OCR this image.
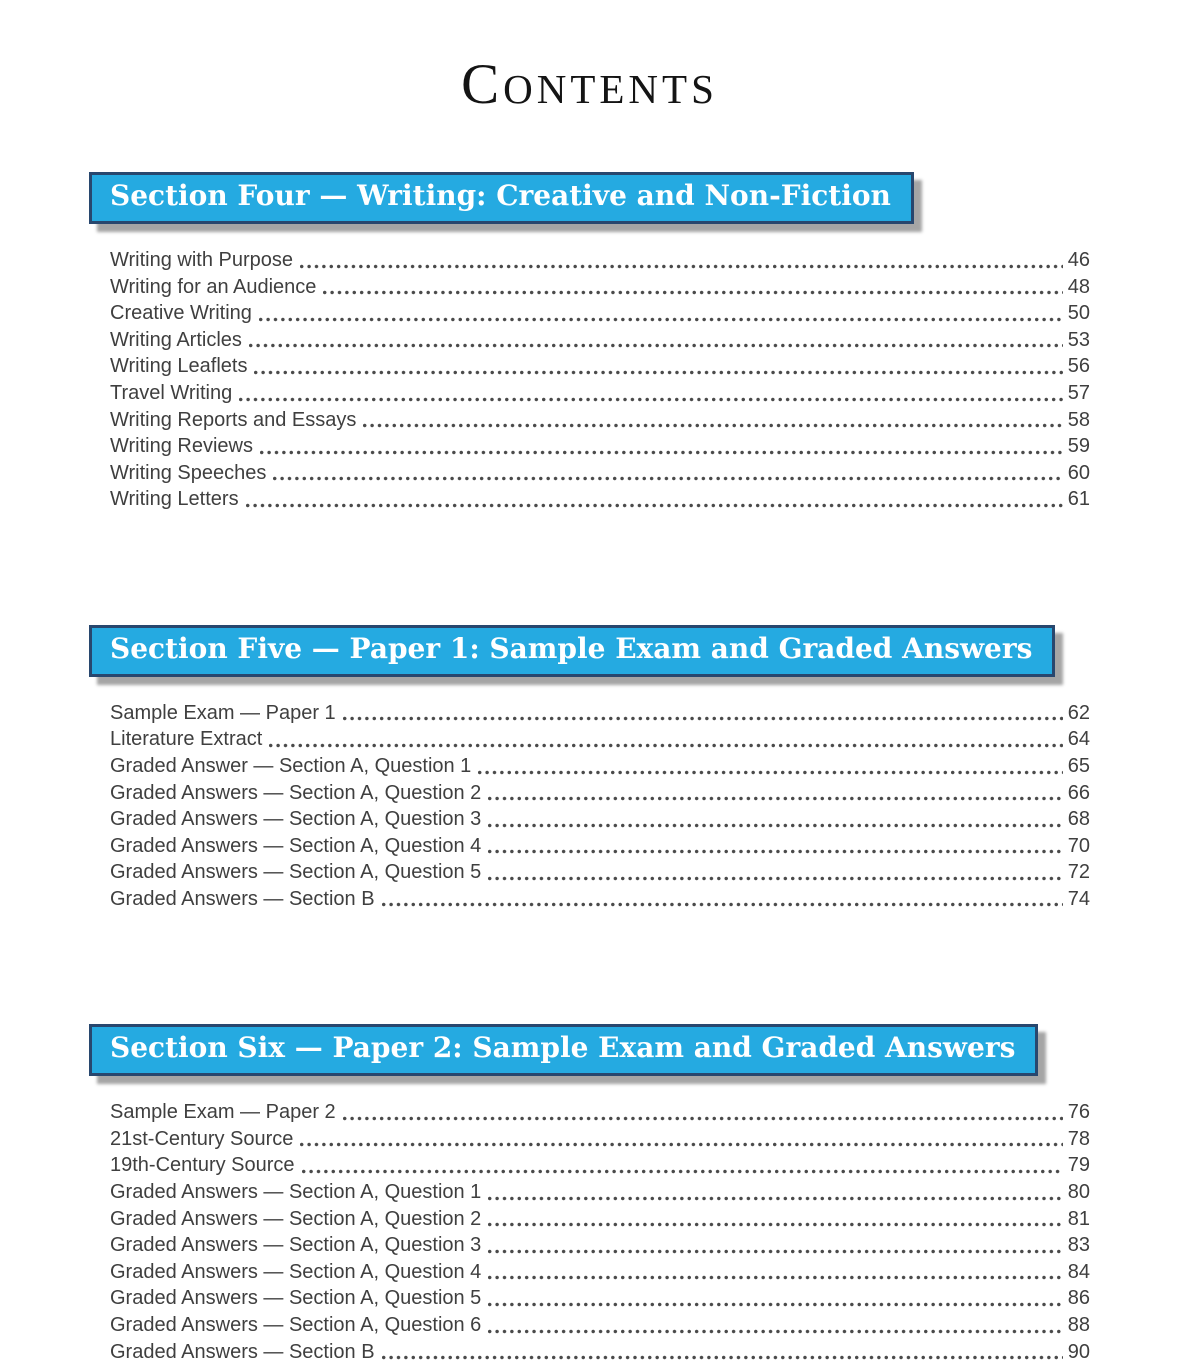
CONTENTS
Section Four — Writing: Creative and Non-Fiction
Writing with Purpose	46
Writing for an Audience	48
Creative Writing	50
Writing Articles	53
Writing Leaflets	56
Travel Writing	57
Writing Reports and Essays	58
Writing Reviews	59
Writing Speeches	60
Writing Letters	61
Section Five — Paper 1: Sample Exam and Graded Answers
Sample Exam — Paper 1	62
Literature Extract	64
Graded Answer — Section A, Question 1	65
Graded Answers — Section A, Question 2	66
Graded Answers — Section A, Question 3	68
Graded Answers — Section A, Question 4	70
Graded Answers — Section A, Question 5	72
Graded Answers — Section B	74
Section Six — Paper 2: Sample Exam and Graded Answers
Sample Exam — Paper 2	76
21st-Century Source	78
19th-Century Source	79
Graded Answers — Section A, Question 1	80
Graded Answers — Section A, Question 2	81
Graded Answers — Section A, Question 3	83
Graded Answers — Section A, Question 4	84
Graded Answers — Section A, Question 5	86
Graded Answers — Section A, Question 6	88
Graded Answers — Section B	90
